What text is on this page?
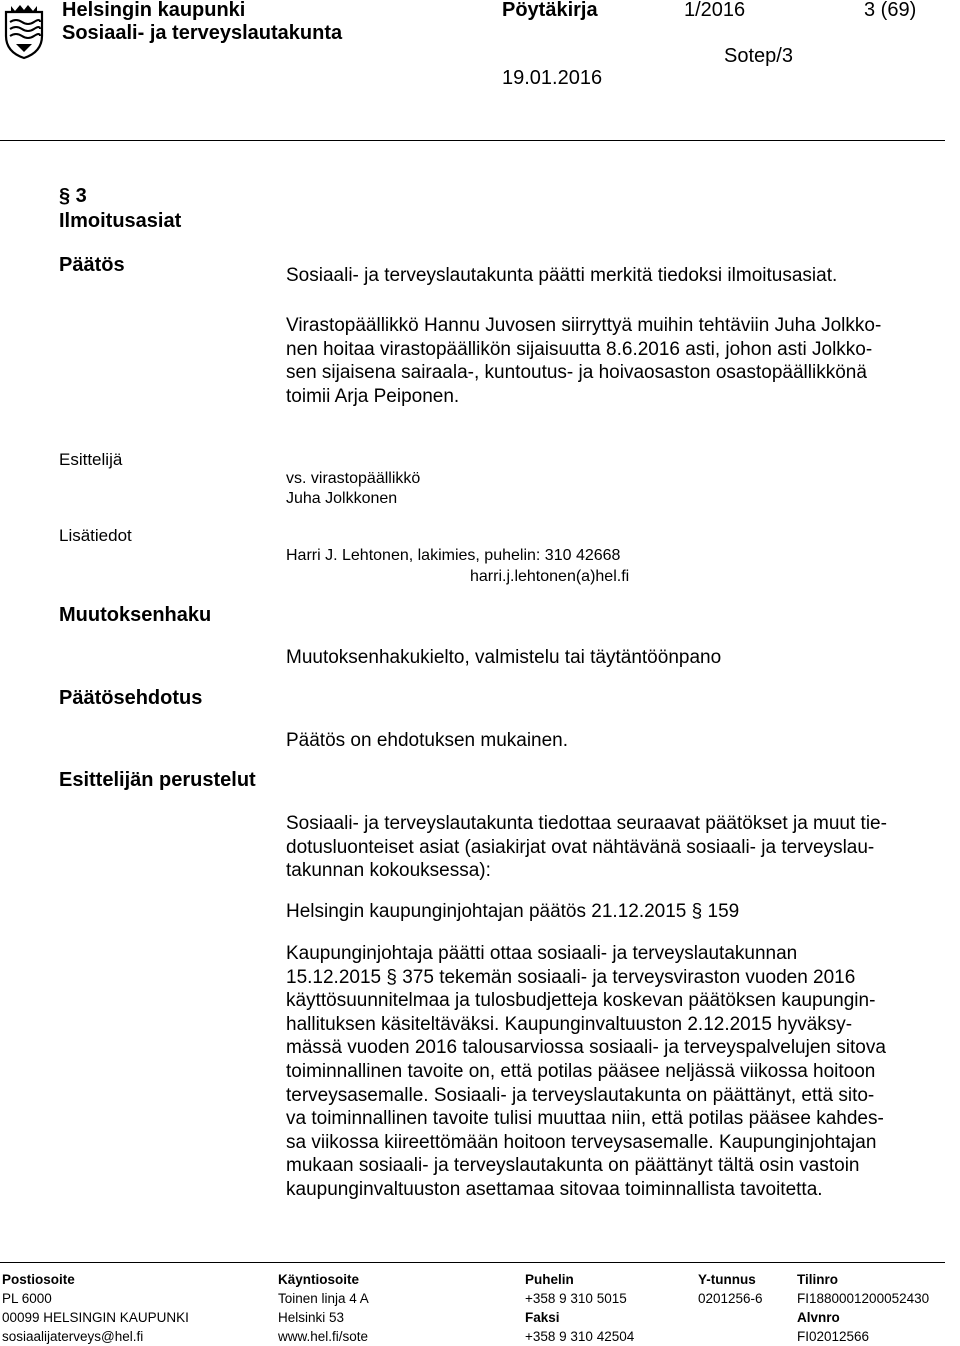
Helsingin kaupunki
Sosiaali- ja terveyslautakunta
Pöytäkirja	1/2016	3 (69)
19.01.2016
Sotep/3
§ 3
Ilmoitusasiat
Päätös
Esittelijä
Lisätiedot
Muutoksenhaku
Päätösehdotus
Esittelijän perustelut
Sosiaali- ja terveyslautakunta päätti merkitä tiedoksi ilmoitusasiat.
Virastopäällikkö Hannu Juvosen siirryttyä muihin tehtäviin Juha Jolkko-
nen hoitaa virastopäällikön sijaisuutta 8.6.2016 asti, johon asti Jolkko-
sen sijaisena sairaala-, kuntoutus- ja hoivaosaston osastopäällikkönä
toimii Arja Peiponen.
vs. virastopäällikkö
Juha Jolkkonen
Harri J. Lehtonen, lakimies, puhelin: 310 42668
harri.j.lehtonen(a)hel.fi
Muutoksenhakukielto, valmistelu tai täytäntöönpano
Päätös on ehdotuksen mukainen.
Sosiaali- ja terveyslautakunta tiedottaa seuraavat päätökset ja muut tie-
dotusluonteiset asiat (asiakirjat ovat nähtävänä sosiaali- ja terveyslau-
takunnan kokouksessa):
Helsingin kaupunginjohtajan päätös 21.12.2015 § 159
Kaupunginjohtaja päätti ottaa sosiaali- ja terveyslautakunnan
15.12.2015 § 375 tekemän sosiaali- ja terveysviraston vuoden 2016
käyttösuunnitelmaa ja tulosbudjetteja koskevan päätöksen kaupungin-
hallituksen käsiteltäväksi. Kaupunginvaltuuston 2.12.2015 hyväksy-
mässä vuoden 2016 talousarviossa sosiaali- ja terveyspalvelujen sitova
toiminnallinen tavoite on, että potilas pääsee neljässä viikossa hoitoon
terveysasemalle. Sosiaali- ja terveyslautakunta on päättänyt, että sito-
va toiminnallinen tavoite tulisi muuttaa niin, että potilas pääsee kahdes-
sa viikossa kiireettömään hoitoon terveysasemalle. Kaupunginjohtajan
mukaan sosiaali- ja terveyslautakunta on päättänyt tältä osin vastoin
kaupunginvaltuuston asettamaa sitovaa toiminnallista tavoitetta.
Postiosoite
PL 6000
00099 HELSINGIN KAUPUNKI
sosiaalijaterveys@hel.fi
Käyntiosoite
Toinen linja 4 A
Helsinki 53
www.hel.fi/sote
Puhelin
+358 9 310 5015
Faksi
+358 9 310 42504
Y-tunnus
0201256-6
Tilinro
FI1880001200052430
Alvnro
FI02012566
